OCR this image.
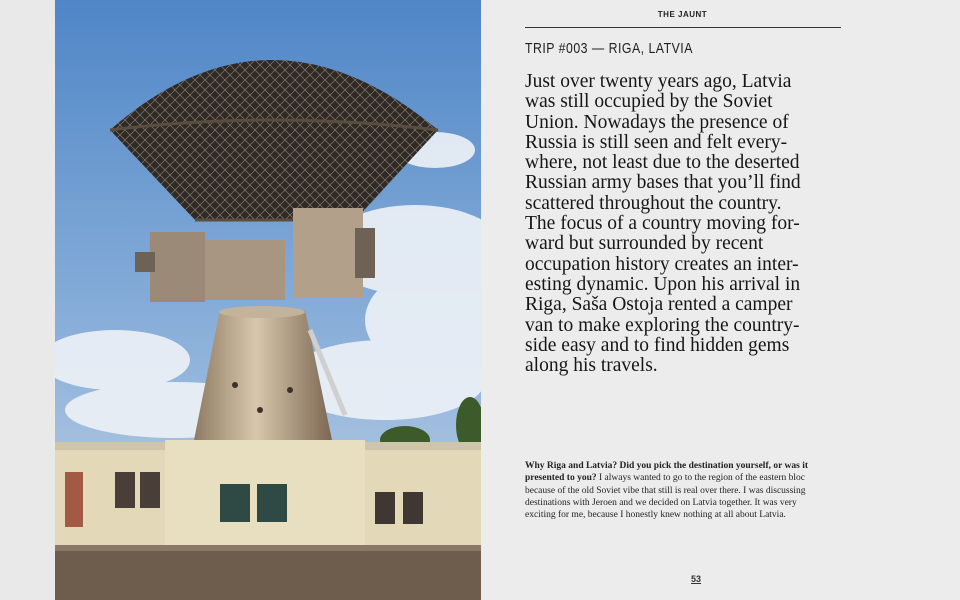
THE JAUNT
TRIP #003 — RIGA, LATVIA
Just over twenty years ago, Latvia
was still occupied by the Soviet
Union. Nowadays the presence of
Russia is still seen and felt every-
where, not least due to the deserted
Russian army bases that you’ll find
scattered throughout the country.
The focus of a country moving for-
ward but surrounded by recent
occupation history creates an inter-
esting dynamic. Upon his arrival in
Riga, Saša Ostoja rented a camper
van to make exploring the country-
side easy and to find hidden gems
along his travels.
Why Riga and Latvia? Did you pick the destination yourself, or was it
presented to you? I always wanted to go to the region of the eastern bloc
because of the old Soviet vibe that still is real over there. I was discussing
destinations with Jeroen and we decided on Latvia together. It was very
exciting for me, because I honestly knew nothing at all about Latvia.
53
